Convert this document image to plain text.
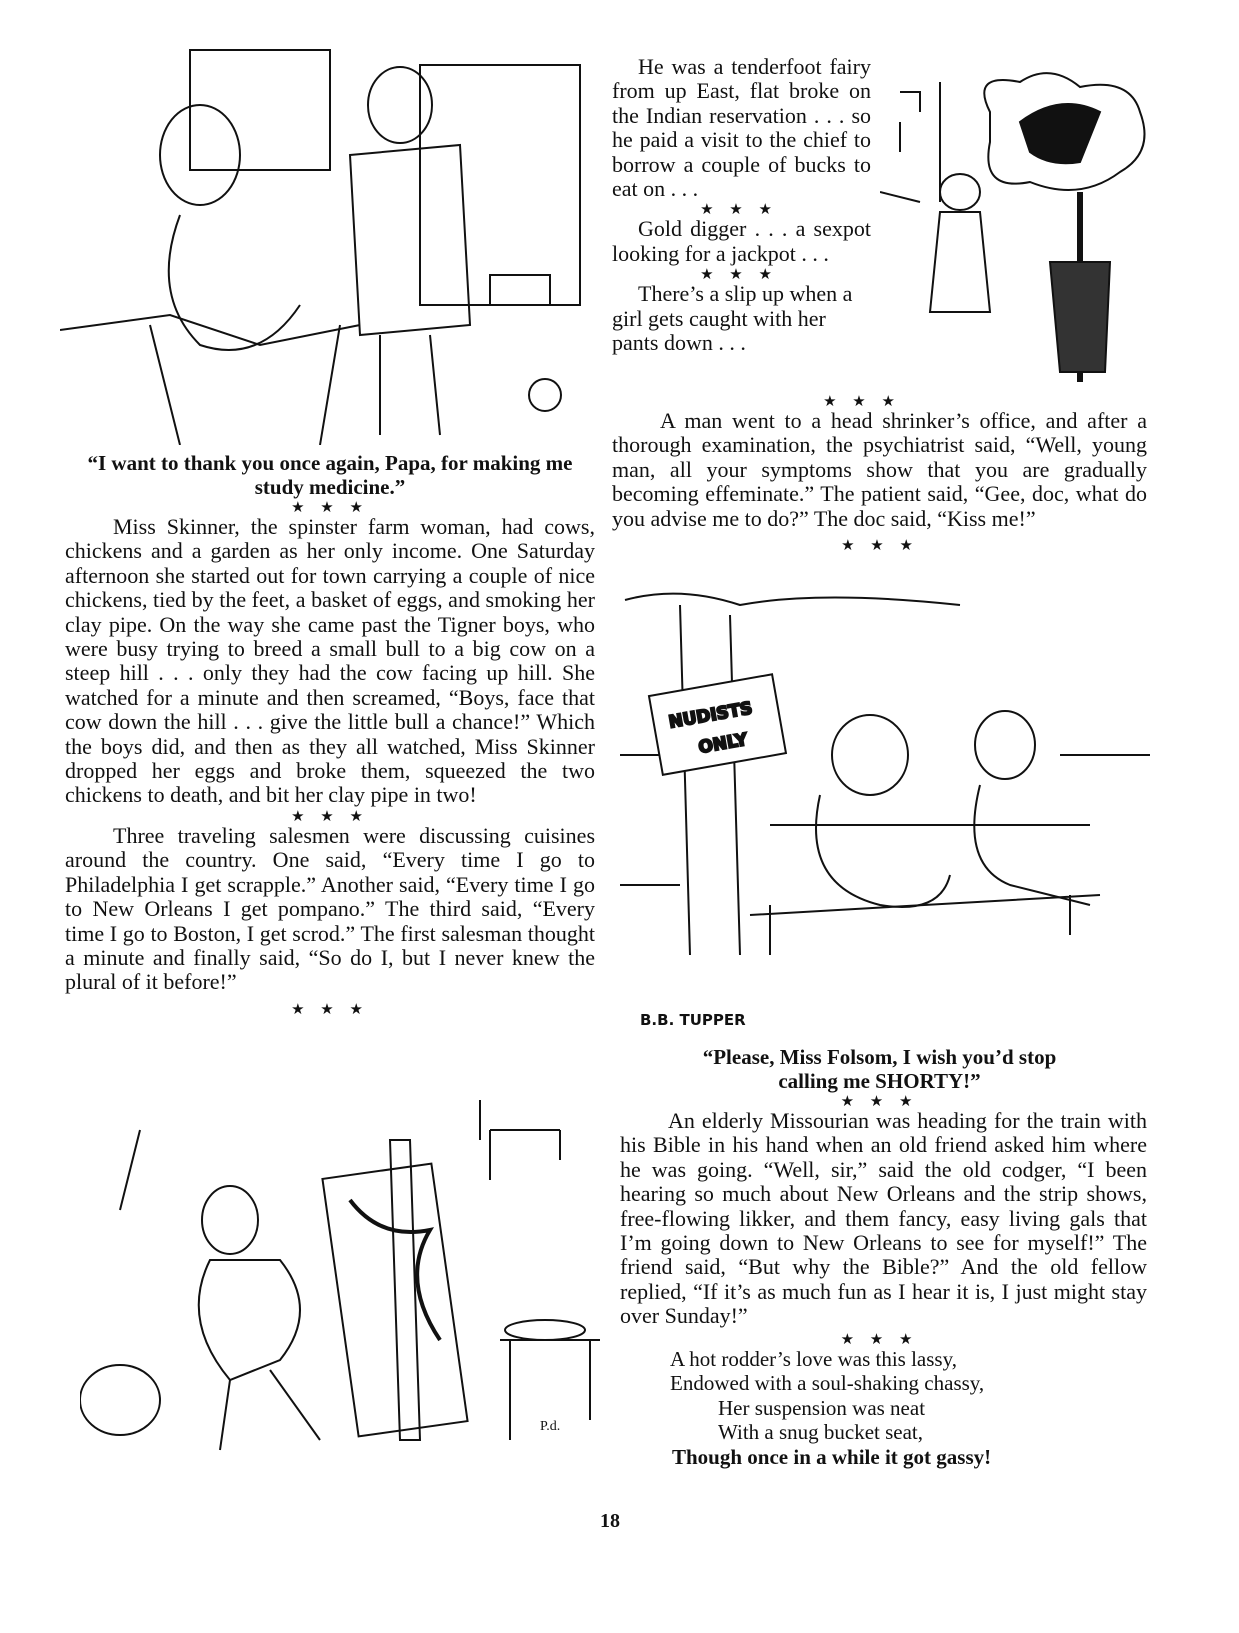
“I want to thank you once again, Papa, for making me study medicine.”
★ ★ ★

Miss Skinner, the spinster farm woman, had cows, chickens and a garden as her only income. One Saturday afternoon she started out for town carrying a couple of nice chickens, tied by the feet, a basket of eggs, and smoking her clay pipe. On the way she came past the Tigner boys, who were busy trying to breed a small bull to a big cow on a steep hill . . . only they had the cow facing up hill. She watched for a minute and then screamed, “Boys, face that cow down the hill . . . give the little bull a chance!” Which the boys did, and then as they all watched, Miss Skinner dropped her eggs and broke them, squeezed the two chickens to death, and bit her clay pipe in two!

★ ★ ★

Three traveling salesmen were discussing cuisines around the country. One said, “Every time I go to Philadelphia I get scrapple.” Another said, “Every time I go to New Orleans I get pompano.” The third said, “Every time I go to Boston, I get scrod.” The first salesman thought a minute and finally said, “So do I, but I never knew the plural of it before!”

★ ★ ★
P.d.

He was a tenderfoot fairy from up East, flat broke on the Indian reservation . . . so he paid a visit to the chief to borrow a couple of bucks to eat on . . .

★ ★ ★

Gold digger . . . a sexpot looking for a jackpot . . .

★ ★ ★

There’s a slip up when a girl gets caught with her pants down . . .

★ ★ ★

A man went to a head shrinker’s office, and after a thorough examination, the psychiatrist said, “Well, young man, all your symptoms show that you are gradually becoming effeminate.” The patient said, “Gee, doc, what do you advise me to do?” The doc said, “Kiss me!”

★ ★ ★
NUDISTS
ONLY
B.B. TUPPER
“Please, Miss Folsom, I wish you’d stop
calling me SHORTY!”
★ ★ ★

An elderly Missourian was heading for the train with his Bible in his hand when an old friend asked him where he was going. “Well, sir,” said the old codger, “I been hearing so much about New Orleans and the strip shows, free-flowing likker, and them fancy, easy living gals that I’m going down to New Orleans to see for myself!” The friend said, “But why the Bible?” And the old fellow replied, “If it’s as much fun as I hear it is, I just might stay over Sunday!”

★ ★ ★
A hot rodder’s love was this lassy,
Endowed with a soul-shaking chassy,
Her suspension was neat
With a snug bucket seat,
Though once in a while it got gassy!
18
